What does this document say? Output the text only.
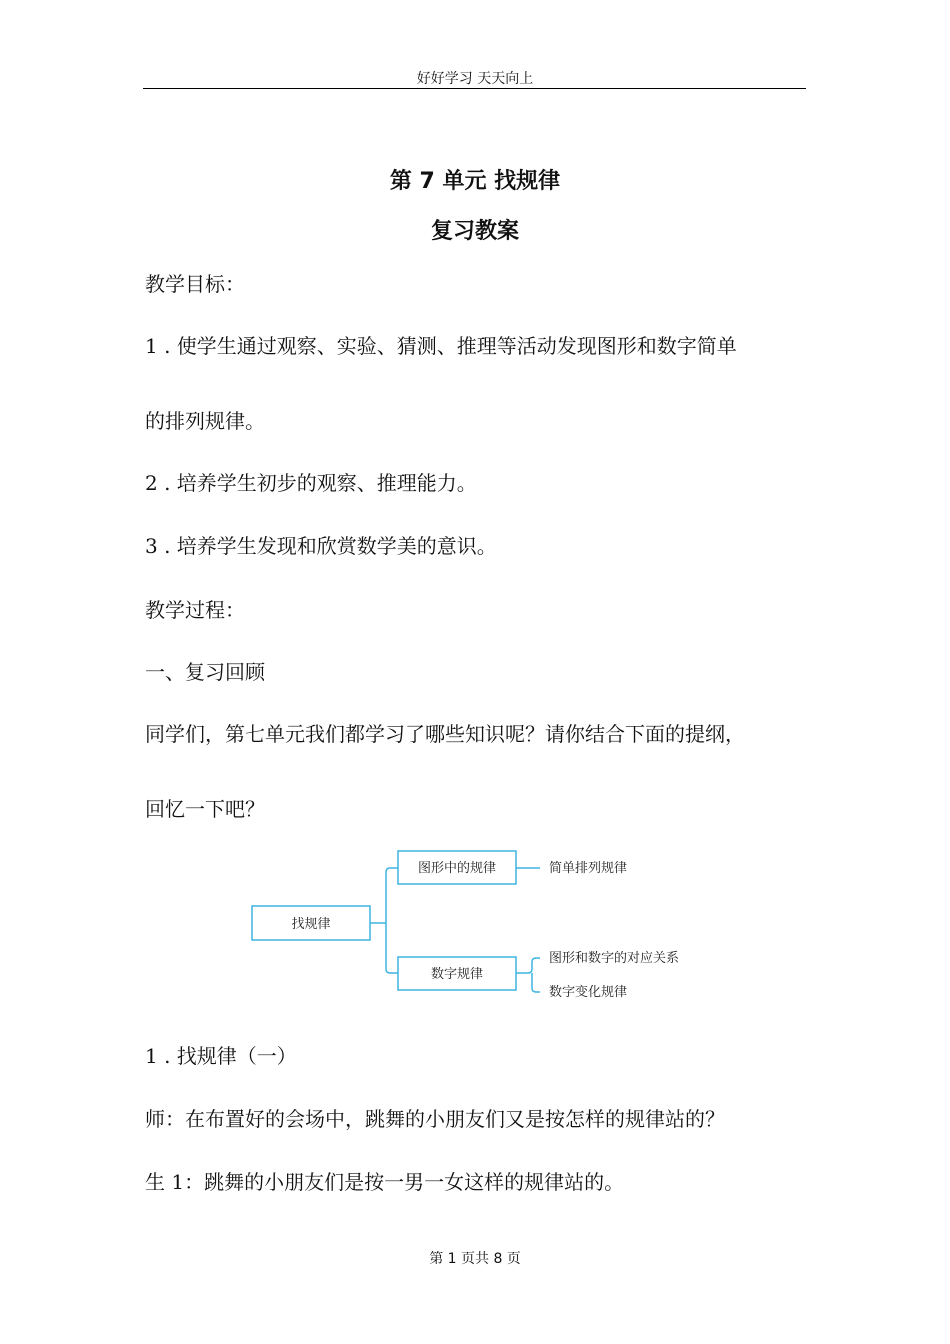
好好学习 天天向上
第 7 单元 找规律
复习教案
教学目标：
1 . 使学生通过观察、实验、猜测、推理等活动发现图形和数字简单
的排列规律。
2 . 培养学生初步的观察、推理能力。
3 . 培养学生发现和欣赏数学美的意识。
教学过程：
一、复习回顾
同学们，第七单元我们都学习了哪些知识呢？请你结合下面的提纲，
回忆一下吧？
找规律
图形中的规律
数字规律
简单排列规律
图形和数字的对应关系
数字变化规律
1 . 找规律（一）
师：在布置好的会场中，跳舞的小朋友们又是按怎样的规律站的？
生 1：跳舞的小朋友们是按一男一女这样的规律站的。
第 1 页共 8 页
